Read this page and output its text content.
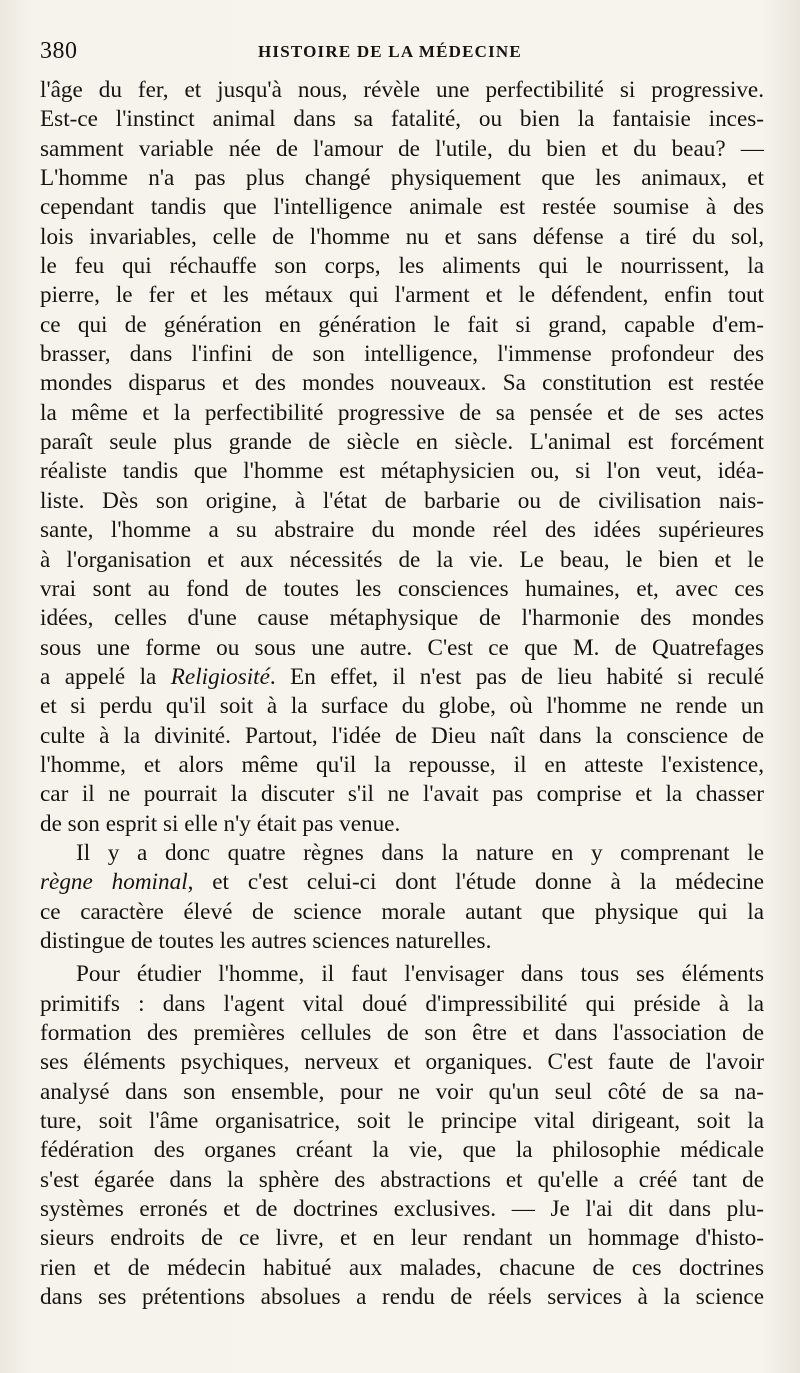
380	HISTOIRE DE LA MÉDECINE
l'âge du fer, et jusqu'à nous, révèle une perfectibilité si progressive.
Est-ce l'instinct animal dans sa fatalité, ou bien la fantaisie inces-
samment variable née de l'amour de l'utile, du bien et du beau? —
L'homme n'a pas plus changé physiquement que les animaux, et
cependant tandis que l'intelligence animale est restée soumise à des
lois invariables, celle de l'homme nu et sans défense a tiré du sol,
le feu qui réchauffe son corps, les aliments qui le nourrissent, la
pierre, le fer et les métaux qui l'arment et le défendent, enfin tout
ce qui de génération en génération le fait si grand, capable d'em-
brasser, dans l'infini de son intelligence, l'immense profondeur des
mondes disparus et des mondes nouveaux. Sa constitution est restée
la même et la perfectibilité progressive de sa pensée et de ses actes
paraît seule plus grande de siècle en siècle. L'animal est forcément
réaliste tandis que l'homme est métaphysicien ou, si l'on veut, idéa-
liste. Dès son origine, à l'état de barbarie ou de civilisation nais-
sante, l'homme a su abstraire du monde réel des idées supérieures
à l'organisation et aux nécessités de la vie. Le beau, le bien et le
vrai sont au fond de toutes les consciences humaines, et, avec ces
idées, celles d'une cause métaphysique de l'harmonie des mondes
sous une forme ou sous une autre. C'est ce que M. de Quatrefages
a appelé la Religiosité. En effet, il n'est pas de lieu habité si reculé
et si perdu qu'il soit à la surface du globe, où l'homme ne rende un
culte à la divinité. Partout, l'idée de Dieu naît dans la conscience de
l'homme, et alors même qu'il la repousse, il en atteste l'existence,
car il ne pourrait la discuter s'il ne l'avait pas comprise et la chasser
de son esprit si elle n'y était pas venue.
Il y a donc quatre règnes dans la nature en y comprenant le
règne hominal, et c'est celui-ci dont l'étude donne à la médecine
ce caractère élevé de science morale autant que physique qui la
distingue de toutes les autres sciences naturelles.
Pour étudier l'homme, il faut l'envisager dans tous ses éléments
primitifs : dans l'agent vital doué d'impressibilité qui préside à la
formation des premières cellules de son être et dans l'association de
ses éléments psychiques, nerveux et organiques. C'est faute de l'avoir
analysé dans son ensemble, pour ne voir qu'un seul côté de sa na-
ture, soit l'âme organisatrice, soit le principe vital dirigeant, soit la
fédération des organes créant la vie, que la philosophie médicale
s'est égarée dans la sphère des abstractions et qu'elle a créé tant de
systèmes erronés et de doctrines exclusives. — Je l'ai dit dans plu-
sieurs endroits de ce livre, et en leur rendant un hommage d'histo-
rien et de médecin habitué aux malades, chacune de ces doctrines
dans ses prétentions absolues a rendu de réels services à la science
